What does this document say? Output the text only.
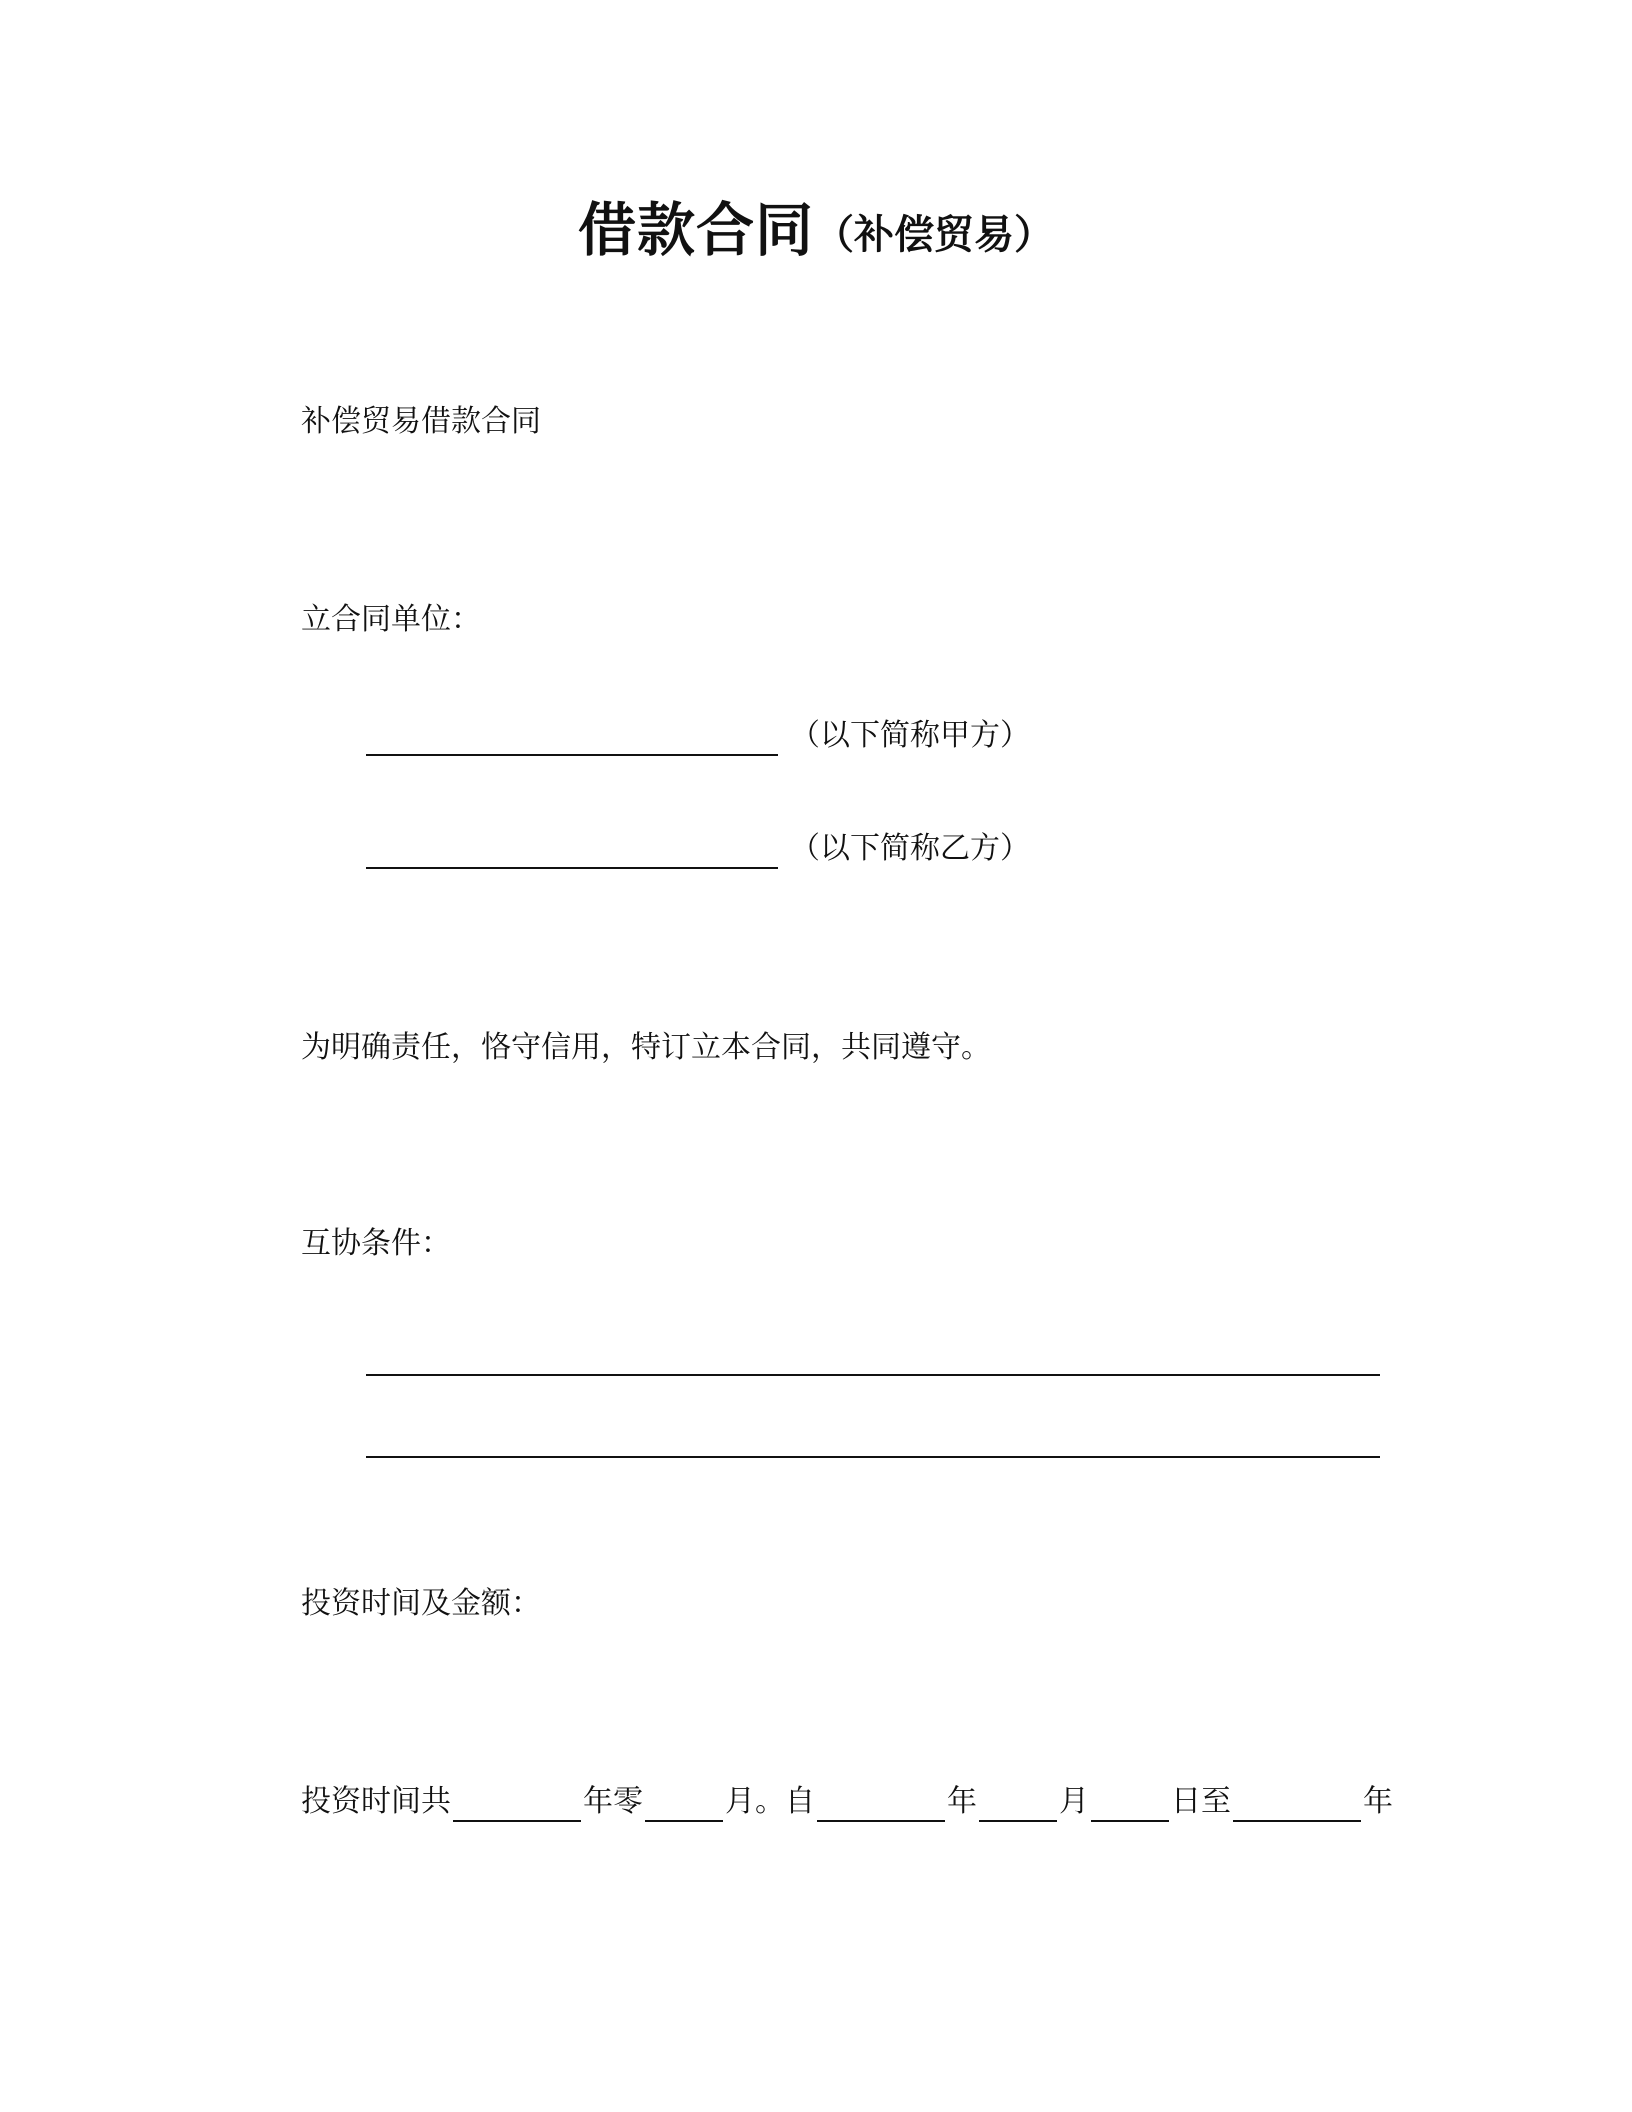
借款合同（补偿贸易）
补偿贸易借款合同
立合同单位：
（以下简称甲方）
（以下简称乙方）
为明确责任，恪守信用，特订立本合同，共同遵守。
互协条件：
投资时间及金额：
投资时间共	年零	月。自	年	月	日至	年
